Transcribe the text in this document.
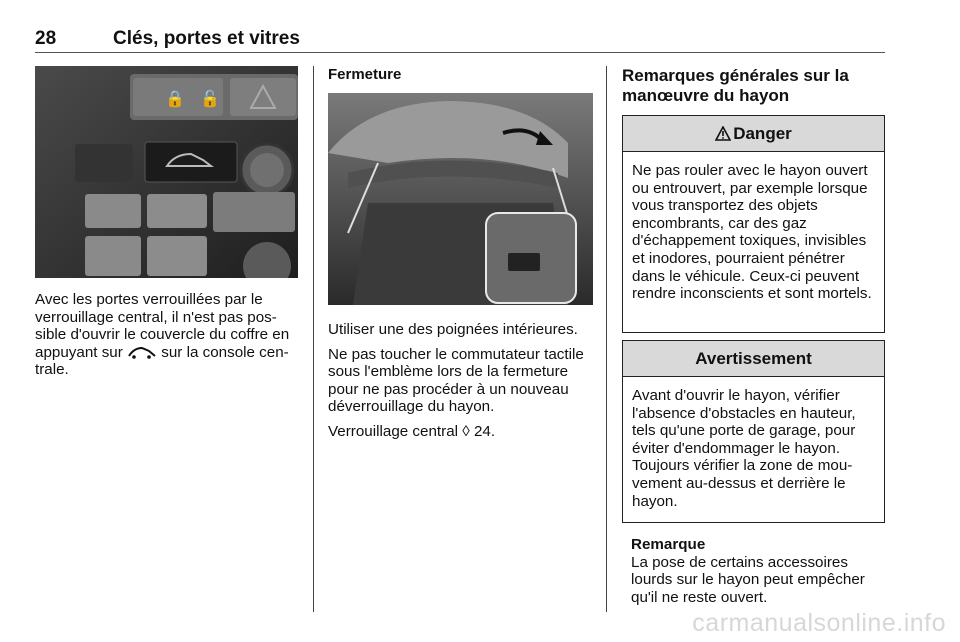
28	Clés, portes et vitres
🔒 🔓

Avec les portes verrouillées par le verrouillage central, il n'est pas possible d'ouvrir le couvercle du coffre en appuyant sur  sur la console centrale.

Fermeture

Utiliser une des poignées intérieures.

Ne pas toucher le commutateur tactile sous l'emblème lors de la fermeture pour ne pas procéder à un nouveau déverrouillage du hayon.

Verrouillage central ◊ 24.

Remarques générales sur la manœuvre du hayon

Danger
Ne pas rouler avec le hayon ouvert ou entrouvert, par exemple lorsque vous transportez des objets encombrants, car des gaz d'échappement toxiques, invisibles et inodores, pourraient pénétrer dans le véhicule. Ceux-ci peuvent rendre inconscients et sont mortels.
Avertissement
Avant d'ouvrir le hayon, vérifier l'absence d'obstacles en hauteur, tels qu'une porte de garage, pour éviter d'endommager le hayon. Toujours vérifier la zone de mouvement au-dessus et derrière le hayon.

Remarque

La pose de certains accessoires lourds sur le hayon peut empêcher qu'il ne reste ouvert.

carmanualsonline.info
